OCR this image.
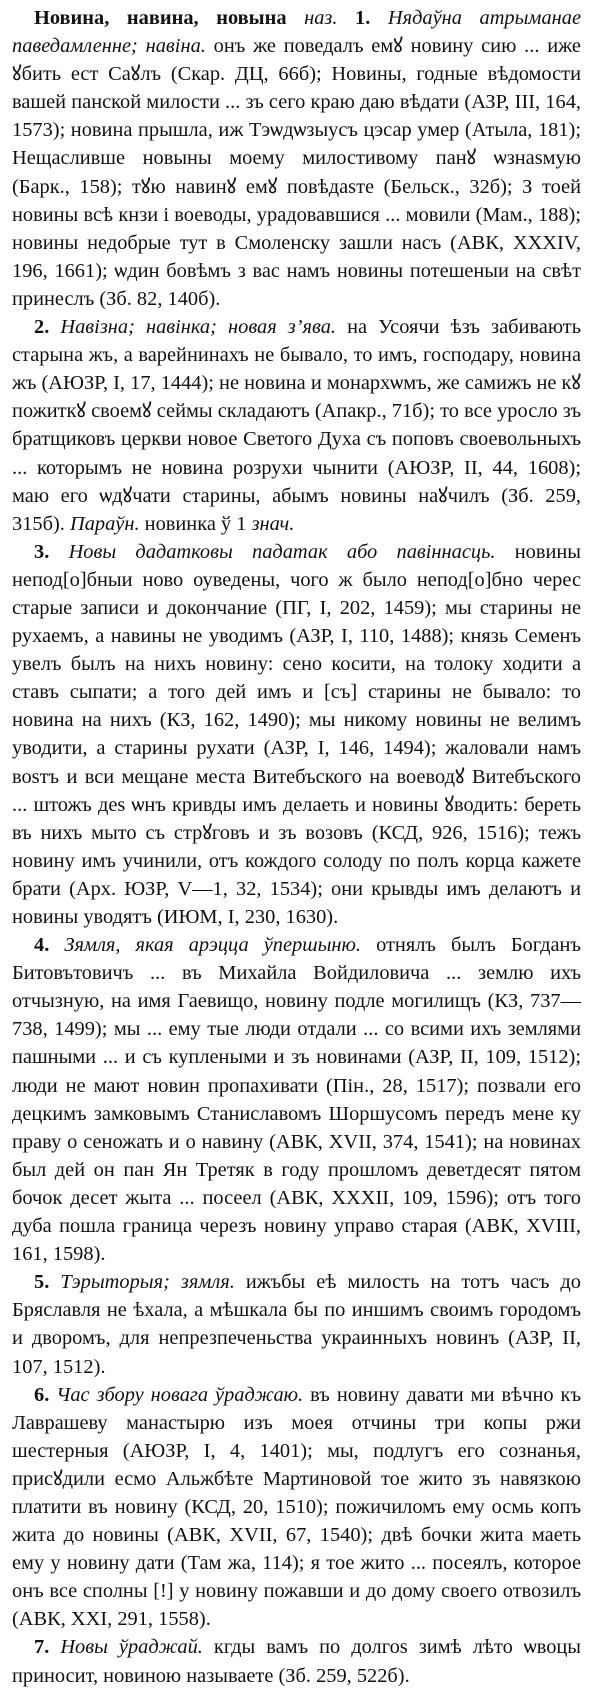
Новина, навина, новына наз. 1. Нядаўна атрыманае паведамленне; навіна. онъ же поведалъ емꙋ новину сию ... иже ꙋбить ест Саꙋлъ (Скар. ДЦ, 66б); Новины, годные вѣдомости вашей панской милости ... зъ сего краю даю вѣдати (АЗР, III, 164, 1573); новина прышла, иж Тэѡдѡзыусъ цэсар умер (Атыла, 181); Нещасливше новыны моему милостивому панꙋ ѡзнаѕмую (Барк., 158); тꙋю навинꙋ емꙋ повѣдаѕте (Бельск., 32б); З тоей новины всѣ кнзи і воеводы, урадовавшися ... мовили (Мам., 188); новины недобрые тут в Смоленску зашли насъ (АВК, XXXIV, 196, 1661); ѡдин бовѣмъ з вас намъ новины потешеныи на свѣт принеслъ (Зб. 82, 140б).

2. Навізна; навінка; новая з’ява. на Усоячи ѣзъ забивають старына жъ, а варейнинахъ не бывало, то имъ, господару, новина жъ (АЮЗР, I, 17, 1444); не новина и монархѡмъ, же самижъ не кꙋ пожиткꙋ своемꙋ сеймы складаютъ (Апакр., 71б); то все уросло зъ братщиковъ церкви новое Светого Духа съ поповъ своевольныхъ ... которымъ не новина розрухи чынити (АЮЗР, II, 44, 1608); маю его ѡдꙋчати старины, абымъ новины наꙋчилъ (Зб. 259, 315б). Параўн. новинка ў 1 знач.

3. Новы дадатковы падатак або павіннасць. новины непод[о]бныи ново оуведены, чого ж было непод[о]бно черес старые записи и докончание (ПГ, I, 202, 1459); мы старины не рухаемъ, а навины не уводимъ (АЗР, I, 110, 1488); князь Семенъ увелъ былъ на нихъ новину: сено косити, на толоку ходити а ставъ сыпати; а того дей имъ и [съ] старины не бывало: то новина на нихъ (КЗ, 162, 1490); мы никому новины не велимъ уводити, а старины рухати (АЗР, I, 146, 1494); жаловали намъ воѕтъ и вси мещане места Витебъского на воеводꙋ Витебъского ... штожъ деѕ ѡнъ кривды имъ делаеть и новины ꙋводить: береть въ нихъ мыто съ стрꙋговъ и зъ возовъ (КСД, 926, 1516); тежъ новину имъ учинили, отъ кождого солоду по полъ корца кажете брати (Арх. ЮЗР, V—1, 32, 1534); они крывды имъ делаютъ и новины уводятъ (ИЮМ, I, 230, 1630).

4. Зямля, якая арэцца ўпершыню. отнялъ былъ Богданъ Битовътовичъ ... въ Михайла Войдиловича ... землю ихъ отчызную, на имя Гаевищо, новину подле могилищъ (КЗ, 737—738, 1499); мы ... ему тые люди отдали ... со всими ихъ землями пашными ... и съ куплеными и зъ новинами (АЗР, II, 109, 1512); люди не мают новин пропахивати (Пін., 28, 1517); позвали его децкимъ замковымъ Станиславомъ Шоршусомъ передъ мене ку праву о сеножать и о навину (АВК, XVII, 374, 1541); на новинах был дей он пан Ян Третяк в году прошломъ деветдесят пятом бочок десет жыта ... посеел (АВК, XXXII, 109, 1596); отъ того дуба пошла граница черезъ новину управо старая (АВК, XVIII, 161, 1598).

5. Тэрыторыя; зямля. ижъбы еѣ милость на тотъ часъ до Бряславля не ѣхала, а мѣшкала бы по иншимъ своимъ городомъ и дворомъ, для непрезпеченьства украинныхъ новинъ (АЗР, II, 107, 1512).

6. Час збору новага ўраджаю. въ новину давати ми вѣчно къ Лаврашеву манастырю изъ моея отчины три копы ржи шестерныя (АЮЗР, I, 4, 1401); мы, подлугъ его сознанья, присꙋдили есмо Альжбѣте Мартиновой тое жито зъ навязкою платити въ новину (КСД, 20, 1510); пожичиломъ ему осмь копъ жита до новины (АВК, XVII, 67, 1540); двѣ бочки жита маеть ему у новину дати (Там жа, 114); я тое жито ... посеялъ, которое онъ все сполны [!] у новину пожавши и до дому своего отвозилъ (АВК, XXI, 291, 1558).

7. Новы ўраджай. кгды вамъ по долгоѕ зимѣ лѣто ѡвоцы приносит, новиною называете (Зб. 259, 522б).
